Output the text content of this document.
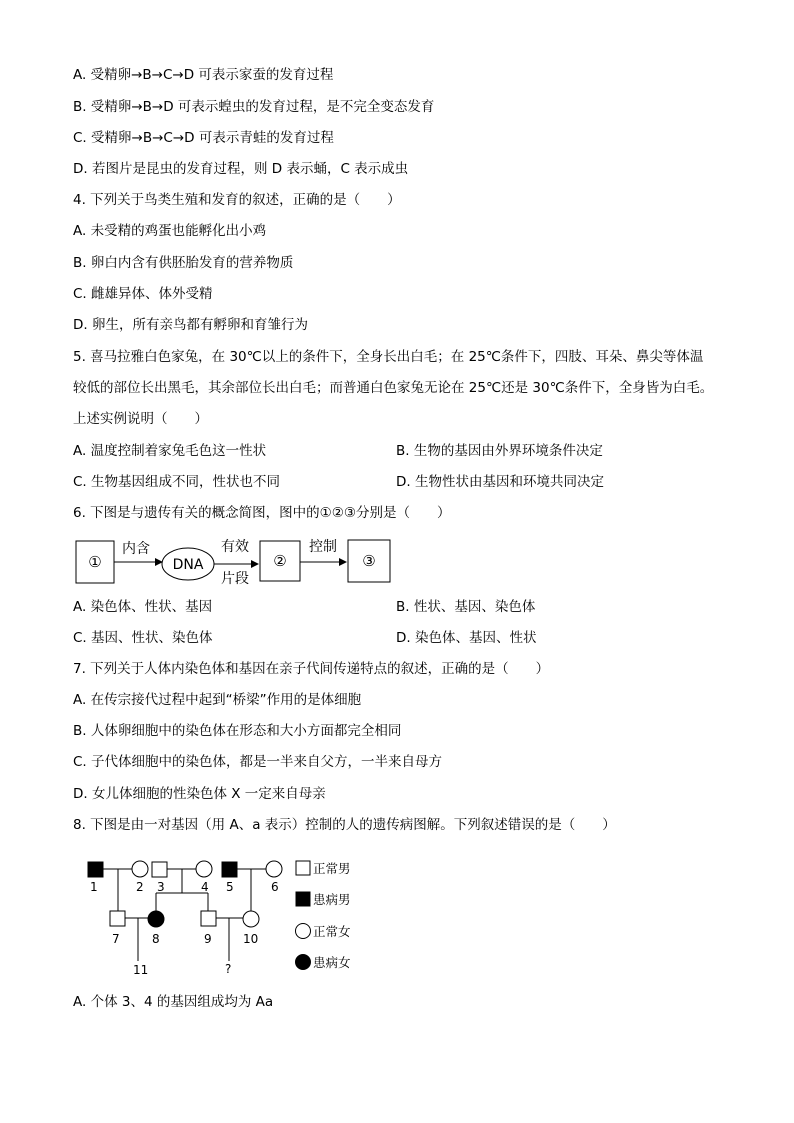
A. 受精卵→B→C→D 可表示家蚕的发育过程
B. 受精卵→B→D 可表示蝗虫的发育过程，是不完全变态发育
C. 受精卵→B→C→D 可表示青蛙的发育过程
D. 若图片是昆虫的发育过程，则 D 表示蛹，C 表示成虫
4. 下列关于鸟类生殖和发育的叙述，正确的是（　　）
A. 未受精的鸡蛋也能孵化出小鸡
B. 卵白内含有供胚胎发育的营养物质
C. 雌雄异体、体外受精
D. 卵生，所有亲鸟都有孵卵和育雏行为
5. 喜马拉雅白色家兔，在 30℃以上的条件下，全身长出白毛；在 25℃条件下，四肢、耳朵、鼻尖等体温
较低的部位长出黑毛，其余部位长出白毛；而普通白色家兔无论在 25℃还是 30℃条件下，全身皆为白毛。
上述实例说明（　　）
A. 温度控制着家兔毛色这一性状	B. 生物的基因由外界环境条件决定
C. 生物基因组成不同，性状也不同	D. 生物性状由基因和环境共同决定
6. 下图是与遗传有关的概念简图，图中的①②③分别是（　　）
①
内含
DNA
有效
片段
②
控制
③
A. 染色体、性状、基因	B. 性状、基因、染色体
C. 基因、性状、染色体	D. 染色体、基因、性状
7. 下列关于人体内染色体和基因在亲子代间传递特点的叙述，正确的是（　　）
A. 在传宗接代过程中起到“桥梁”作用的是体细胞
B. 人体卵细胞中的染色体在形态和大小方面都完全相同
C. 子代体细胞中的染色体，都是一半来自父方，一半来自母方
D. 女儿体细胞的性染色体 X 一定来自母亲
8. 下图是由一对基因（用 A、a 表示）控制的人的遗传病图解。下列叙述错误的是（　　）
1	2 3	4 5	6
7	8	9	10
11	?
正常男
患病男
正常女
患病女
A. 个体 3、4 的基因组成均为 Aa
